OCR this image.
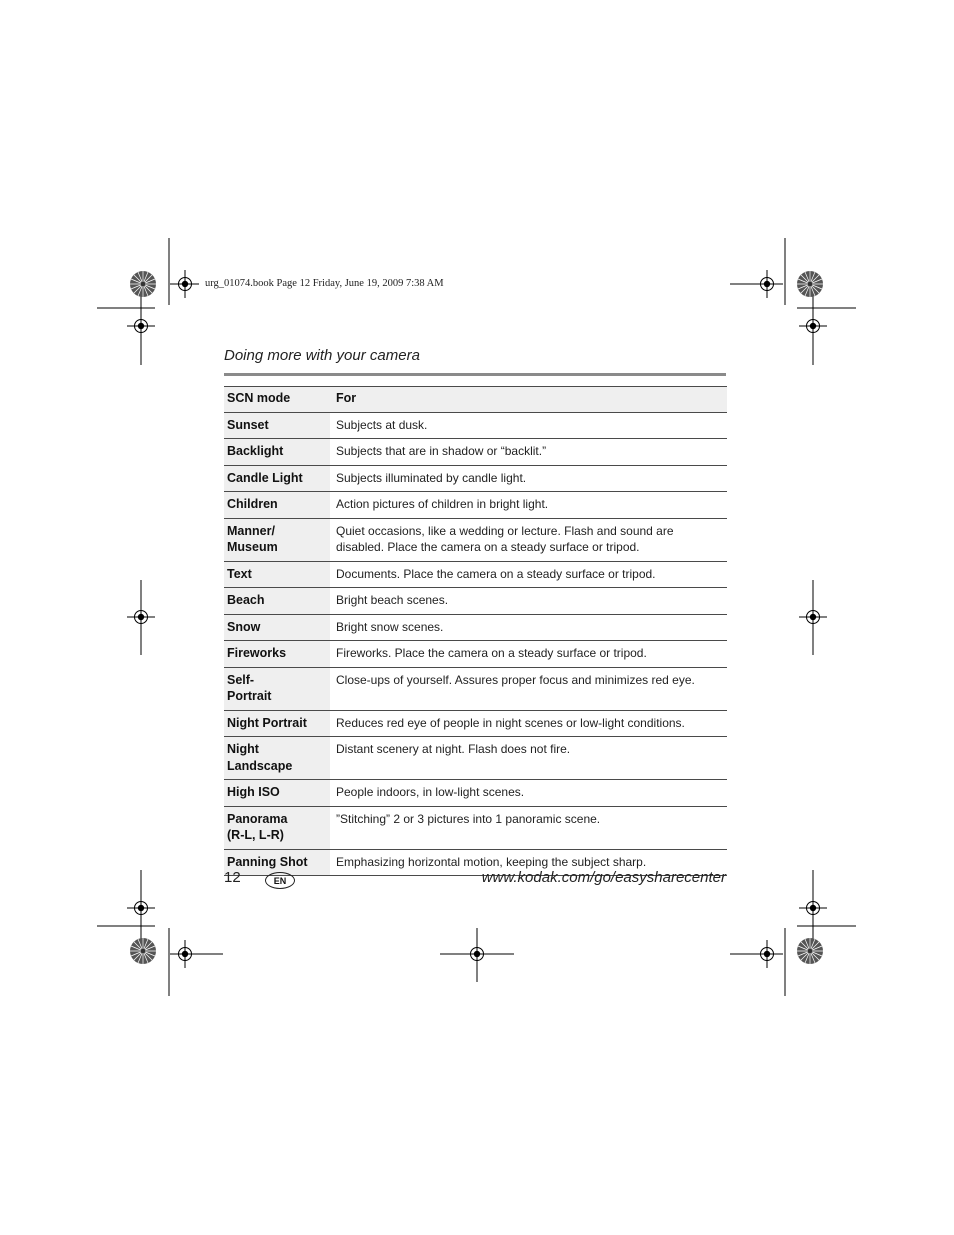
urg_01074.book Page 12 Friday, June 19, 2009 7:38 AM
Doing more with your camera
SCN mode	For
Sunset	Subjects at dusk.
Backlight	Subjects that are in shadow or “backlit.”
Candle Light	Subjects illuminated by candle light.
Children	Action pictures of children in bright light.
Manner/
Museum	Quiet occasions, like a wedding or lecture. Flash and sound are disabled. Place the camera on a steady surface or tripod.
Text	Documents. Place the camera on a steady surface or tripod.
Beach	Bright beach scenes.
Snow	Bright snow scenes.
Fireworks	Fireworks. Place the camera on a steady surface or tripod.
Self-
Portrait	Close-ups of yourself. Assures proper focus and minimizes red eye.
Night Portrait	Reduces red eye of people in night scenes or low-light conditions.
Night Landscape	Distant scenery at night. Flash does not fire.
High ISO	People indoors, in low-light scenes.
Panorama
(R-L, L-R)	”Stitching” 2 or 3 pictures into 1 panoramic scene.
Panning Shot	Emphasizing horizontal motion, keeping the subject sharp.
12	EN	www.kodak.com/go/easysharecenter
